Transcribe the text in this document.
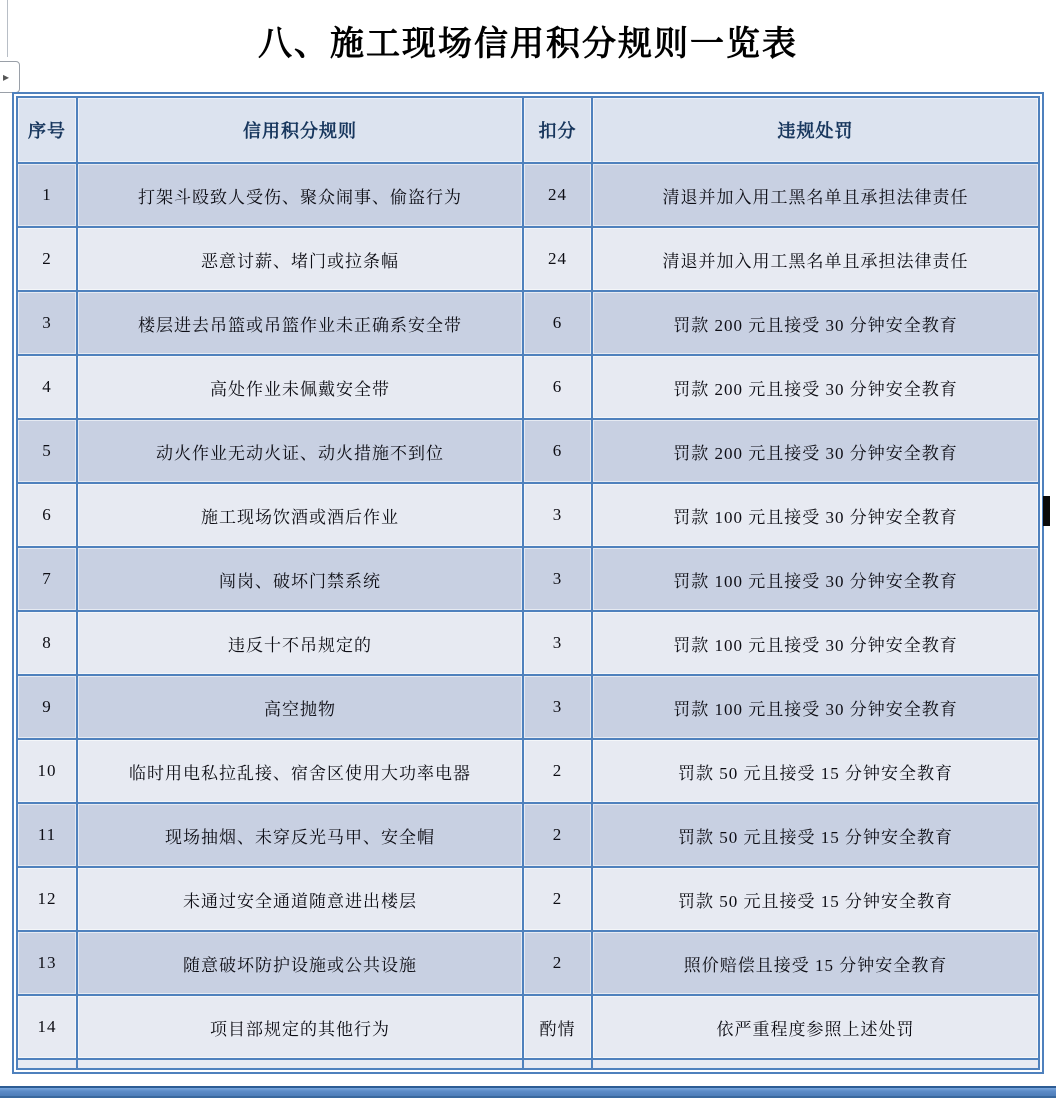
▸
八、施工现场信用积分规则一览表
序号	信用积分规则	扣分	违规处罚
1	打架斗殴致人受伤、聚众闹事、偷盗行为	24	清退并加入用工黑名单且承担法律责任
2	恶意讨薪、堵门或拉条幅	24	清退并加入用工黑名单且承担法律责任
3	楼层进去吊篮或吊篮作业未正确系安全带	6	罚款 200 元且接受 30 分钟安全教育
4	高处作业未佩戴安全带	6	罚款 200 元且接受 30 分钟安全教育
5	动火作业无动火证、动火措施不到位	6	罚款 200 元且接受 30 分钟安全教育
6	施工现场饮酒或酒后作业	3	罚款 100 元且接受 30 分钟安全教育
7	闯岗、破坏门禁系统	3	罚款 100 元且接受 30 分钟安全教育
8	违反十不吊规定的	3	罚款 100 元且接受 30 分钟安全教育
9	高空抛物	3	罚款 100 元且接受 30 分钟安全教育
10	临时用电私拉乱接、宿舍区使用大功率电器	2	罚款 50 元且接受 15 分钟安全教育
11	现场抽烟、未穿反光马甲、安全帽	2	罚款 50 元且接受 15 分钟安全教育
12	未通过安全通道随意进出楼层	2	罚款 50 元且接受 15 分钟安全教育
13	随意破坏防护设施或公共设施	2	照价赔偿且接受 15 分钟安全教育
14	项目部规定的其他行为	酌情	依严重程度参照上述处罚
